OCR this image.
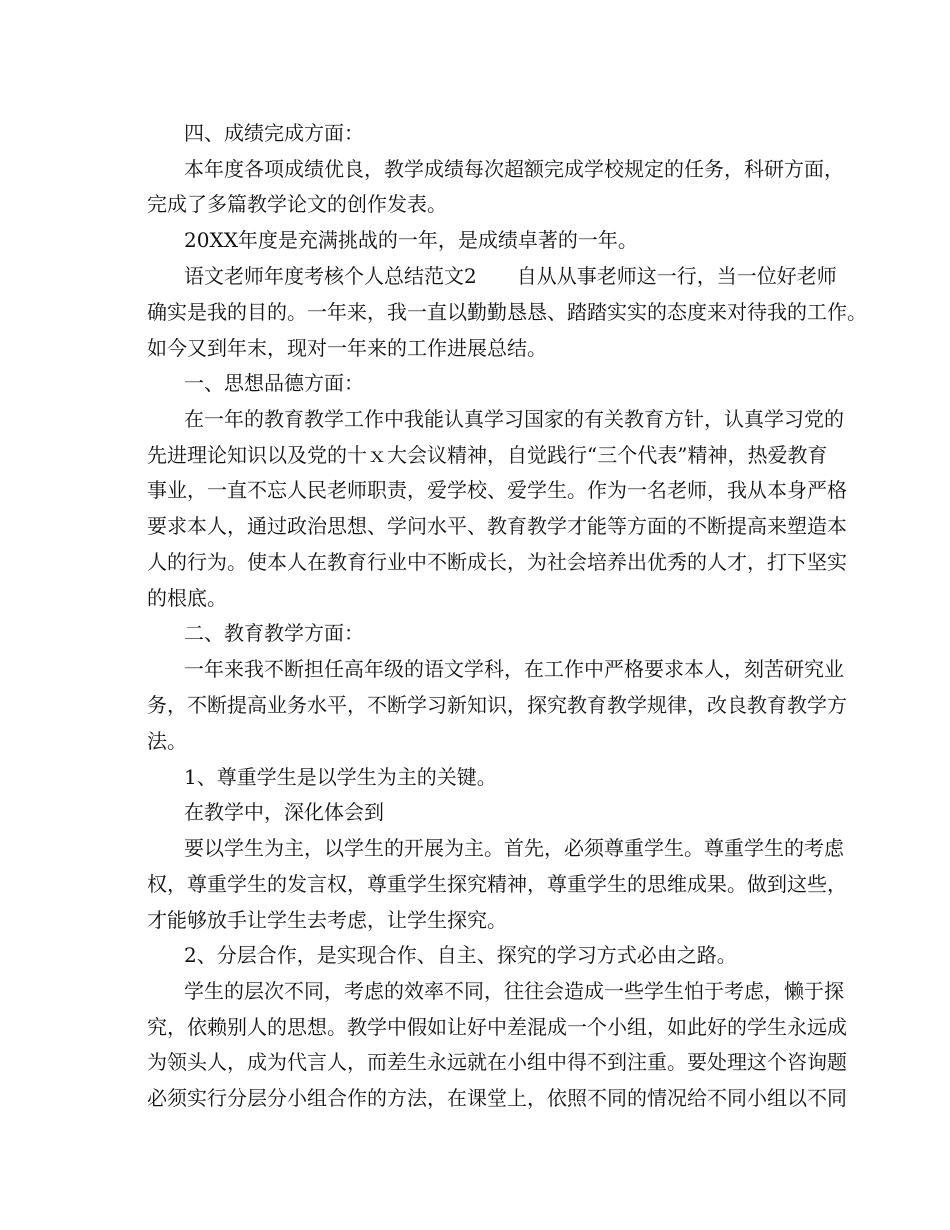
四、成绩完成方面：
本年度各项成绩优良，教学成绩每次超额完成学校规定的任务，科研方面，
完成了多篇教学论文的创作发表。
20XX年度是充满挑战的一年，是成绩卓著的一年。
语文老师年度考核个人总结范文2　　自从从事老师这一行，当一位好老师
确实是我的目的。一年来，我一直以勤勤恳恳、踏踏实实的态度来对待我的工作。
如今又到年末，现对一年来的工作进展总结。
一、思想品德方面：
在一年的教育教学工作中我能认真学习国家的有关教育方针，认真学习党的
先进理论知识以及党的十ｘ大会议精神，自觉践行“三个代表”精神，热爱教育
事业，一直不忘人民老师职责，爱学校、爱学生。作为一名老师，我从本身严格
要求本人，通过政治思想、学问水平、教育教学才能等方面的不断提高来塑造本
人的行为。使本人在教育行业中不断成长，为社会培养出优秀的人才，打下坚实
的根底。
二、教育教学方面：
一年来我不断担任高年级的语文学科，在工作中严格要求本人，刻苦研究业
务，不断提高业务水平，不断学习新知识，探究教育教学规律，改良教育教学方
法。
1、尊重学生是以学生为主的关键。
在教学中，深化体会到
要以学生为主，以学生的开展为主。首先，必须尊重学生。尊重学生的考虑
权，尊重学生的发言权，尊重学生探究精神，尊重学生的思维成果。做到这些，
才能够放手让学生去考虑，让学生探究。
2、分层合作，是实现合作、自主、探究的学习方式必由之路。
学生的层次不同，考虑的效率不同，往往会造成一些学生怕于考虑，懒于探
究，依赖别人的思想。教学中假如让好中差混成一个小组，如此好的学生永远成
为领头人，成为代言人，而差生永远就在小组中得不到注重。要处理这个咨询题
必须实行分层分小组合作的方法，在课堂上，依照不同的情况给不同小组以不同
